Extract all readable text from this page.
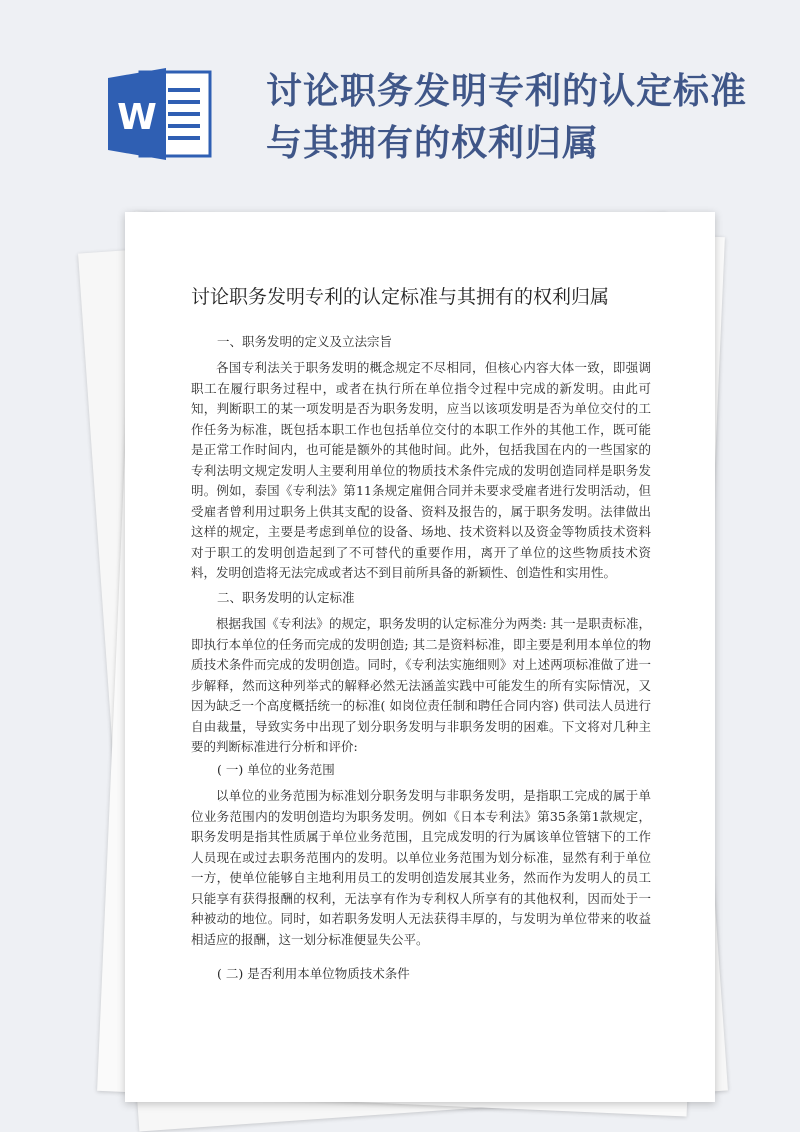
W
讨论职务发明专利的认定标准
与其拥有的权利归属
讨论职务发明专利的认定标准与其拥有的权利归属

一、职务发明的定义及立法宗旨

各国专利法关于职务发明的概念规定不尽相同，但核心内容大体一致，即强调职工在履行职务过程中，或者在执行所在单位指令过程中完成的新发明。由此可知，判断职工的某一项发明是否为职务发明，应当以该项发明是否为单位交付的工作任务为标准，既包括本职工作也包括单位交付的本职工作外的其他工作，既可能是正常工作时间内，也可能是额外的其他时间。此外，包括我国在内的一些国家的专利法明文规定发明人主要利用单位的物质技术条件完成的发明创造同样是职务发明。例如，泰国《专利法》第11条规定雇佣合同并未要求受雇者进行发明活动，但受雇者曾利用过职务上供其支配的设备、资料及报告的，属于职务发明。法律做出这样的规定，主要是考虑到单位的设备、场地、技术资料以及资金等物质技术资料对于职工的发明创造起到了不可替代的重要作用，离开了单位的这些物质技术资料，发明创造将无法完成或者达不到目前所具备的新颖性、创造性和实用性。

二、职务发明的认定标准

根据我国《专利法》的规定，职务发明的认定标准分为两类: 其一是职责标准，即执行本单位的任务而完成的发明创造; 其二是资料标准，即主要是利用本单位的物质技术条件而完成的发明创造。同时，《专利法实施细则》对上述两项标准做了进一步解释，然而这种列举式的解释必然无法涵盖实践中可能发生的所有实际情况，又因为缺乏一个高度概括统一的标准( 如岗位责任制和聘任合同内容) 供司法人员进行自由裁量，导致实务中出现了划分职务发明与非职务发明的困难。下文将对几种主要的判断标准进行分析和评价:

( 一) 单位的业务范围

以单位的业务范围为标准划分职务发明与非职务发明，是指职工完成的属于单位业务范围内的发明创造均为职务发明。例如《日本专利法》第35条第1款规定，职务发明是指其性质属于单位业务范围，且完成发明的行为属该单位管辖下的工作人员现在或过去职务范围内的发明。以单位业务范围为划分标准，显然有利于单位一方，使单位能够自主地利用员工的发明创造发展其业务，然而作为发明人的员工只能享有获得报酬的权利，无法享有作为专利权人所享有的其他权利，因而处于一种被动的地位。同时，如若职务发明人无法获得丰厚的，与发明为单位带来的收益相适应的报酬，这一划分标准便显失公平。

( 二) 是否利用本单位物质技术条件
